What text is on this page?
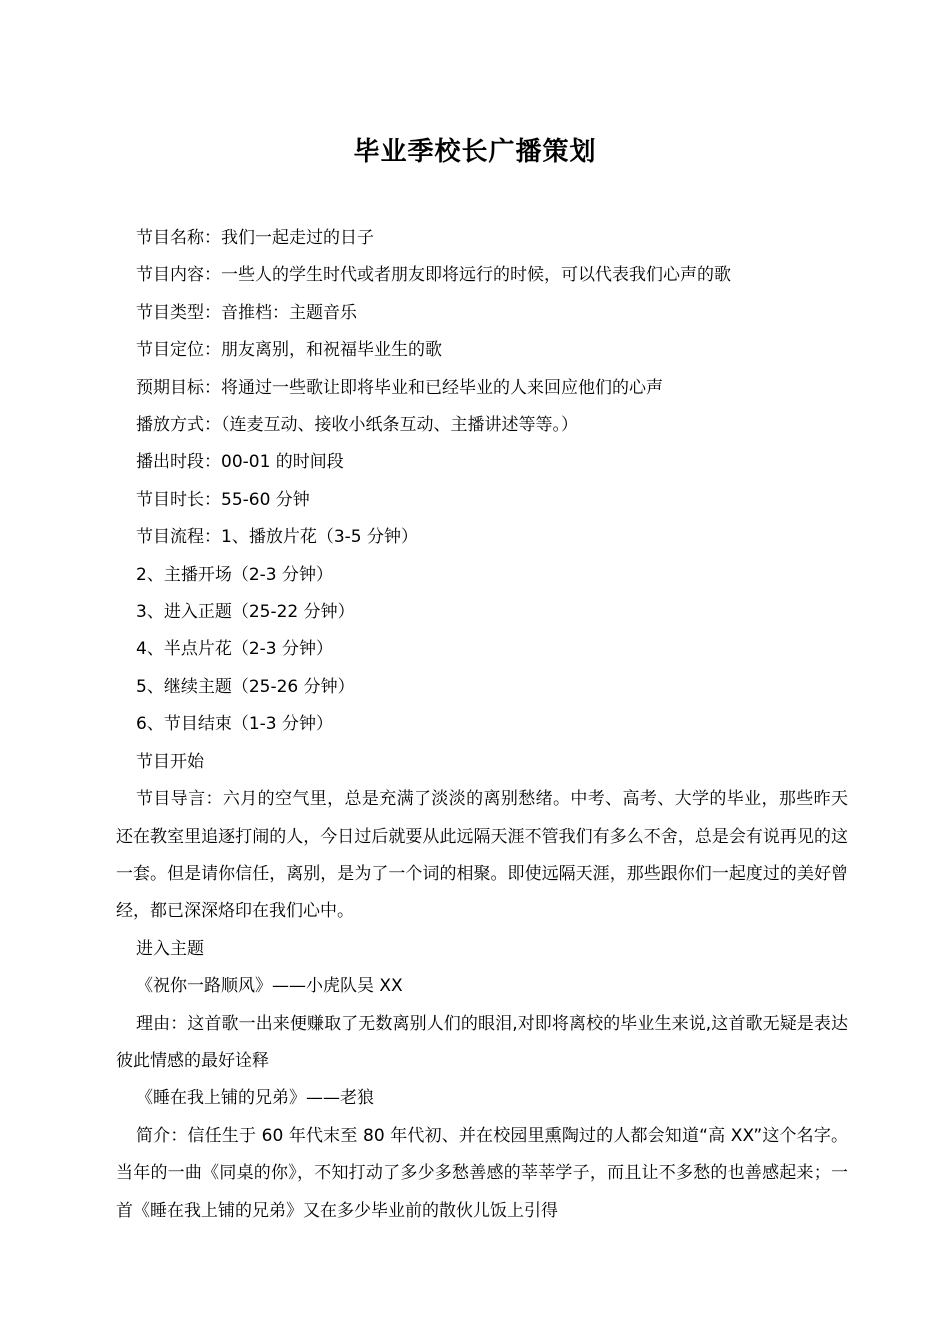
毕业季校长广播策划

节目名称：我们一起走过的日子

节目内容：一些人的学生时代或者朋友即将远行的时候，可以代表我们心声的歌

节目类型：音推档：主题音乐

节目定位：朋友离别，和祝福毕业生的歌

预期目标：将通过一些歌让即将毕业和已经毕业的人来回应他们的心声

播放方式：（连麦互动、接收小纸条互动、主播讲述等等。）

播出时段：00-01 的时间段

节目时长：55-60 分钟

节目流程：1、播放片花（3-5 分钟）

2、主播开场（2-3 分钟）

3、进入正题（25-22 分钟）

4、半点片花（2-3 分钟）

5、继续主题（25-26 分钟）

6、节目结束（1-3 分钟）

节目开始

节目导言：六月的空气里，总是充满了淡淡的离别愁绪。中考、高考、大学的毕业，那些昨天还在教室里追逐打闹的人，今日过后就要从此远隔天涯不管我们有多么不舍，总是会有说再见的这一套。但是请你信任，离别，是为了一个词的相聚。即使远隔天涯，那些跟你们一起度过的美好曾经，都已深深烙印在我们心中。

进入主题

《祝你一路顺风》——小虎队吴 XX

理由：这首歌一出来便赚取了无数离别人们的眼泪,对即将离校的毕业生来说,这首歌无疑是表达彼此情感的最好诠释

《睡在我上铺的兄弟》——老狼

简介：信任生于 60 年代末至 80 年代初、并在校园里熏陶过的人都会知道“高 XX”这个名字。当年的一曲《同桌的你》，不知打动了多少多愁善感的莘莘学子，而且让不多愁的也善感起来；一首《睡在我上铺的兄弟》又在多少毕业前的散伙儿饭上引得
